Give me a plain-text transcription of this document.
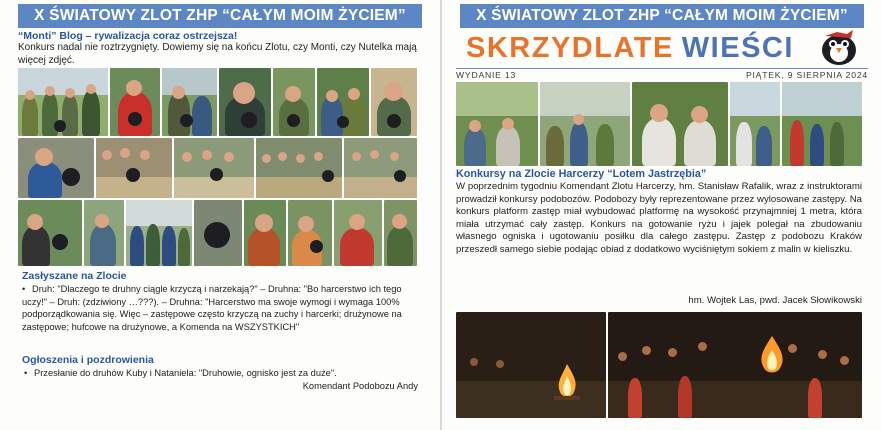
X ŚWIATOWY ZLOT ZHP “CAŁYM MOIM ŻYCIEM”
“Monti” Blog – rywalizacja coraz ostrzejsza!
Konkurs nadal nie roztrzygnięty. Dowiemy się na końcu Zlotu, czy Monti, czy Nutelka mają więcej zdjęć.
Zasłyszane na Zlocie
• Druh: "Dlaczego te druhny ciągle krzyczą i narzekają?" – Druhna: "Bo harcerstwo ich tego uczy!" – Druh: (zdziwiony …???). – Druhna: "Harcerstwo ma swoje wymogi i wymaga 100% podporządkowania się. Więc – zastępowe często krzyczą na zuchy i harcerki; drużynowe na zastępowe; hufcowe na drużynowe, a Komenda na WSZYSTKICH"
Ogłoszenia i pozdrowienia
• Przesłanie do druhów Kuby i Nataniela: "Druhowie, ognisko jest za duże".
Komendant Podobozu Andy
X ŚWIATOWY ZLOT ZHP “CAŁYM MOIM ŻYCIEM”
SKRZYDLATE WIEŚCI
WYDANIE 13	PIĄTEK, 9 SIERPNIA 2024
Konkursy na Zlocie Harcerzy “Lotem Jastrzębia”
W poprzednim tygodniu Komendant Zlotu Harcerzy, hm. Stanisław Rafalik, wraz z instruktorami prowadził konkursy podobozów. Podobozy były reprezentowane przez wylosowane zastępy. Na konkurs platform zastęp miał wybudować platformę na wysokość przynajmniej 1 metra, która miała utrzymać cały zastęp. Konkurs na gotowanie ryżu i jajek polegał na zbudowaniu własnego ogniska i ugotowaniu posiłku dla całego zastępu. Zastęp z podobozu Kraków przeszedł samego siebie podając obiad z dodatkowo wyciśniętym sokiem z malin w kieliszku.
hm. Wojtek Las, pwd. Jacek Słowikowski
